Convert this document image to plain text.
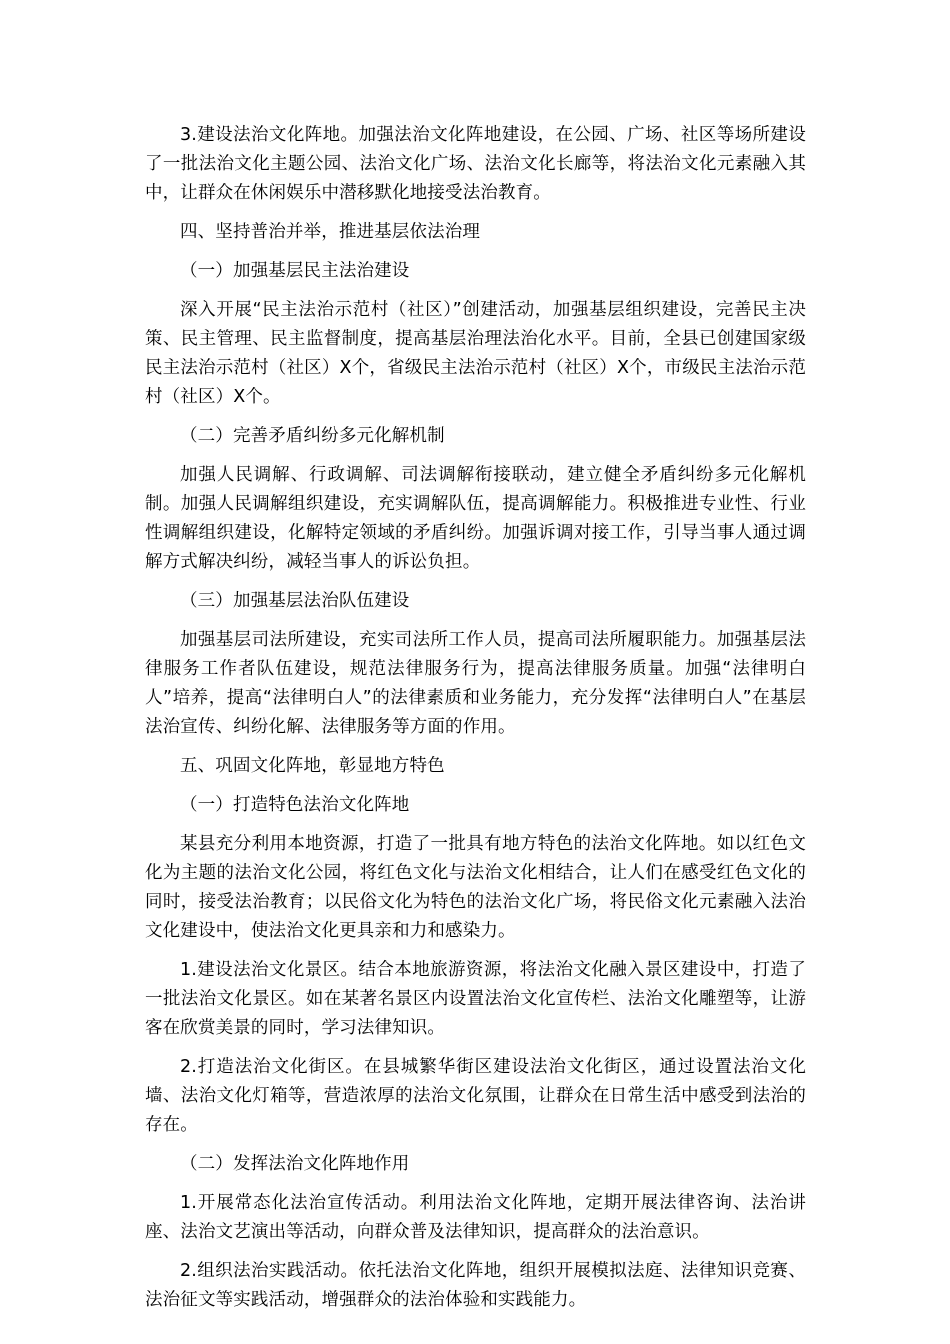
3.建设法治文化阵地。加强法治文化阵地建设，在公园、广场、社区等场所建设了一批法治文化主题公园、法治文化广场、法治文化长廊等，将法治文化元素融入其中，让群众在休闲娱乐中潜移默化地接受法治教育。

四、坚持普治并举，推进基层依法治理

（一）加强基层民主法治建设

深入开展“民主法治示范村（社区）”创建活动，加强基层组织建设，完善民主决策、民主管理、民主监督制度，提高基层治理法治化水平。目前，全县已创建国家级民主法治示范村（社区）X个，省级民主法治示范村（社区）X个，市级民主法治示范村（社区）X个。

（二）完善矛盾纠纷多元化解机制

加强人民调解、行政调解、司法调解衔接联动，建立健全矛盾纠纷多元化解机制。加强人民调解组织建设，充实调解队伍，提高调解能力。积极推进专业性、行业性调解组织建设，化解特定领域的矛盾纠纷。加强诉调对接工作，引导当事人通过调解方式解决纠纷，减轻当事人的诉讼负担。

（三）加强基层法治队伍建设

加强基层司法所建设，充实司法所工作人员，提高司法所履职能力。加强基层法律服务工作者队伍建设，规范法律服务行为，提高法律服务质量。加强“法律明白人”培养，提高“法律明白人”的法律素质和业务能力，充分发挥“法律明白人”在基层法治宣传、纠纷化解、法律服务等方面的作用。

五、巩固文化阵地，彰显地方特色

（一）打造特色法治文化阵地

某县充分利用本地资源，打造了一批具有地方特色的法治文化阵地。如以红色文化为主题的法治文化公园，将红色文化与法治文化相结合，让人们在感受红色文化的同时，接受法治教育；以民俗文化为特色的法治文化广场，将民俗文化元素融入法治文化建设中，使法治文化更具亲和力和感染力。

1.建设法治文化景区。结合本地旅游资源，将法治文化融入景区建设中，打造了一批法治文化景区。如在某著名景区内设置法治文化宣传栏、法治文化雕塑等，让游客在欣赏美景的同时，学习法律知识。

2.打造法治文化街区。在县城繁华街区建设法治文化街区，通过设置法治文化墙、法治文化灯箱等，营造浓厚的法治文化氛围，让群众在日常生活中感受到法治的存在。

（二）发挥法治文化阵地作用

1.开展常态化法治宣传活动。利用法治文化阵地，定期开展法律咨询、法治讲座、法治文艺演出等活动，向群众普及法律知识，提高群众的法治意识。

2.组织法治实践活动。依托法治文化阵地，组织开展模拟法庭、法律知识竞赛、法治征文等实践活动，增强群众的法治体验和实践能力。
